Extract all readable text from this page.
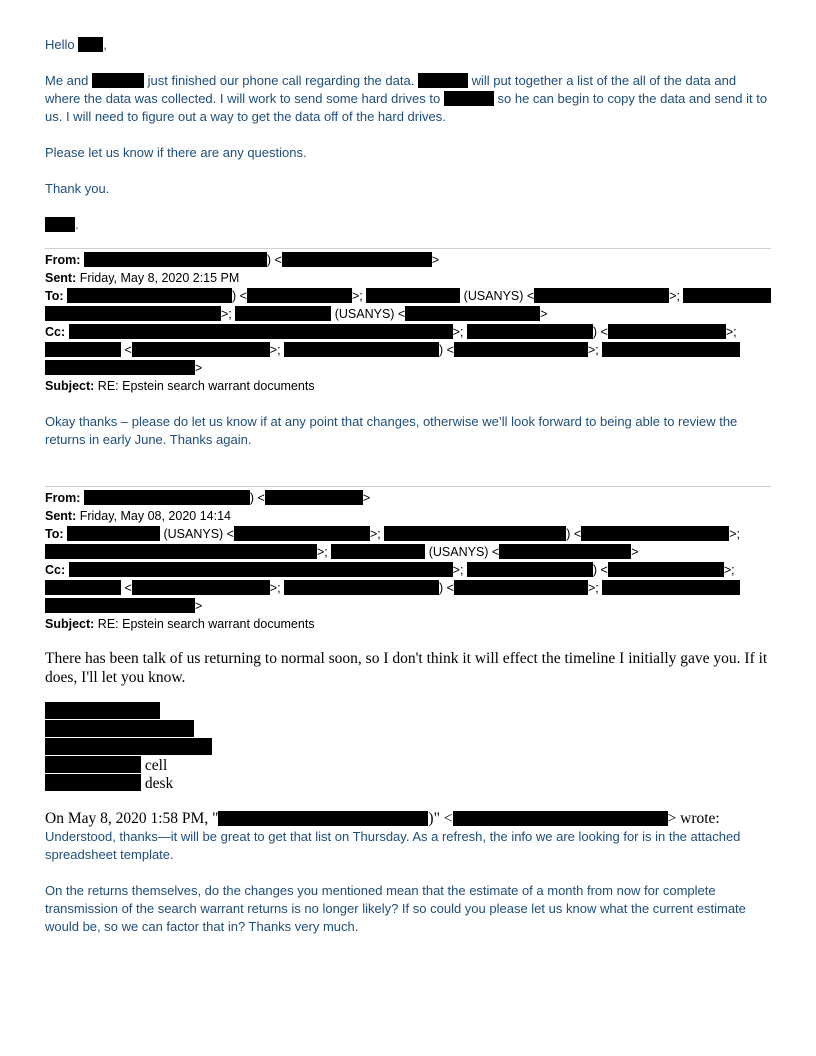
Hello ,

Me and	just finished our phone call regarding the data.	will put together a list of the all of the data and where the data was collected. I will work to send some hard drives to	so he can begin to copy the data and send it to us. I will need to figure out a way to get the data off of the hard drives.

Please let us know if there are any questions.

Thank you.

.

From:	) <	>
Sent: Friday, May 8, 2020 2:15 PM
To:	) <	>;	(USANYS) <	>;
>;	(USANYS) <	>
Cc:	>;	) <	>;
<	>;	) <	>;
>
Subject: RE: Epstein search warrant documents

Okay thanks – please do let us know if at any point that changes, otherwise we’ll look forward to being able to review the returns in early June. Thanks again.

From:	) <	>
Sent: Friday, May 08, 2020 14:14
To:	(USANYS) <	>;	) <	>;
>;	(USANYS) <	>
Cc:	>;	) <	>;
<	>;	) <	>;
>
Subject: RE: Epstein search warrant documents
There has been talk of us returning to normal soon, so I don't think it will effect the timeline I initially gave you. If it does, I'll let you know.
cell
desk
On May 8, 2020 1:58 PM, "	)" <	> wrote:

Understood, thanks—it will be great to get that list on Thursday. As a refresh, the info we are looking for is in the attached spreadsheet template.

On the returns themselves, do the changes you mentioned mean that the estimate of a month from now for complete transmission of the search warrant returns is no longer likely? If so could you please let us know what the current estimate would be, so we can factor that in? Thanks very much.
